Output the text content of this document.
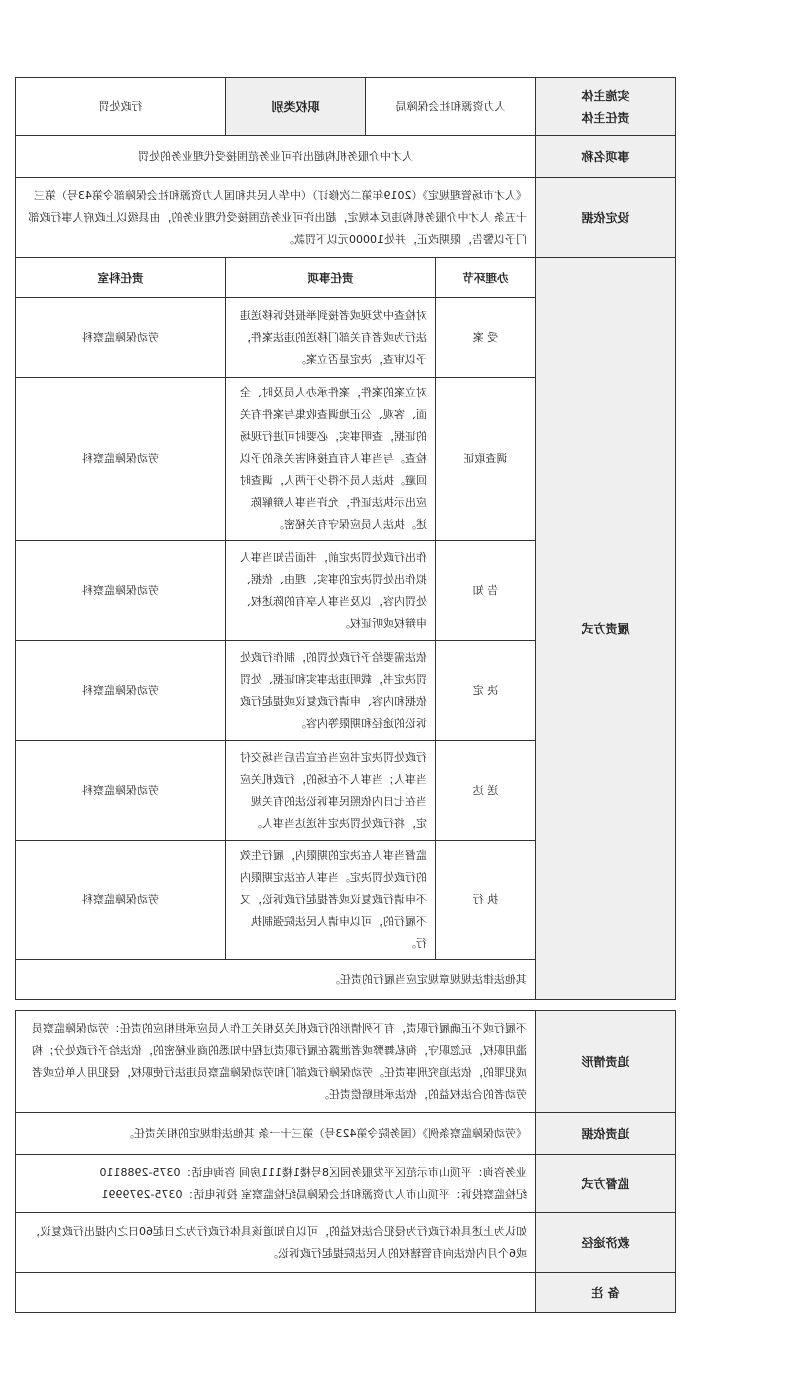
实施主体
责任主体	人力资源和社会保障局		职权类别	行政处罚
事项名称	人才中介服务机构超出许可业务范围接受代理业务的处罚			
设定依据	《人才市场管理规定》（2019年第二次修订）（中华人民共和国人力资源和社会保障部令第43号）第三十五条 人才中介服务机构违反本规定，超出许可业务范围接受代理业务的，由县级以上政府人事行政部门予以警告，限期改正，并处10000元以下罚款。			
履责方式	办理环节	责任事项		责任科室
	受 案	对检查中发现或者接到举报投诉移送违法行为或者有关部门移送的违法案件，予以审查，决定是否立案。		劳动保障监察科
	调查取证	对立案的案件，案件承办人员及时、全面、客观、公正地调查收集与案件有关的证据，查明事实，必要时可进行现场检查。与当事人有直接利害关系的予以回避。执法人员不得少于两人，调查时应出示执法证件，允许当事人辩解陈述。执法人员应保守有关秘密。		劳动保障监察科
	告 知	作出行政处罚决定前，书面告知当事人拟作出处罚决定的事实、理由、依据、处罚内容，以及当事人享有的陈述权、申辩权或听证权。		劳动保障监察科
	决 定	依法需要给予行政处罚的，制作行政处罚决定书，载明违法事实和证据、处罚依据和内容、申请行政复议或提起行政诉讼的途径和期限等内容。		劳动保障监察科
	送 达	行政处罚决定书应当在宣告后当场交付当事人；当事人不在场的，行政机关应当在七日内依照民事诉讼法的有关规定，将行政处罚决定书送达当事人。		劳动保障监察科
	执 行	监督当事人在决定的期限内，履行生效的行政处罚决定。当事人在法定期限内不申请行政复议或者提起行政诉讼，又不履行的，可以申请人民法院强制执行。		劳动保障监察科
	其他法律法规规章规定应当履行的责任。			
追责情形	不履行或不正确履行职责，有下列情形的行政机关及相关工作人员应承担相应的责任：劳动保障监察员滥用职权，玩忽职守，徇私舞弊或者泄露在履行职责过程中知悉的商业秘密的，依法给予行政处分；构成犯罪的，依法追究刑事责任。劳动保障行政部门和劳动保障监察员违法行使职权，侵犯用人单位或者劳动者的合法权益的，依法承担赔偿责任。
追责依据	《劳动保障监察条例》（国务院令第423号）第三十一条 其他法律规定的相关责任。
监督方式	业务咨询：平顶山市示范区平发服务园区8号楼1楼111房间 咨询电话：0375-2988110
纪检监察投诉：平顶山市人力资源和社会保障局纪检监察室 投诉电话：0375-2979991

救济途径	如认为上述具体行政行为侵犯合法权益的，可以自知道该具体行政行为之日起60日之内提出行政复议，或6个月内依法向有管辖权的人民法院提起行政诉讼。
备 注	
